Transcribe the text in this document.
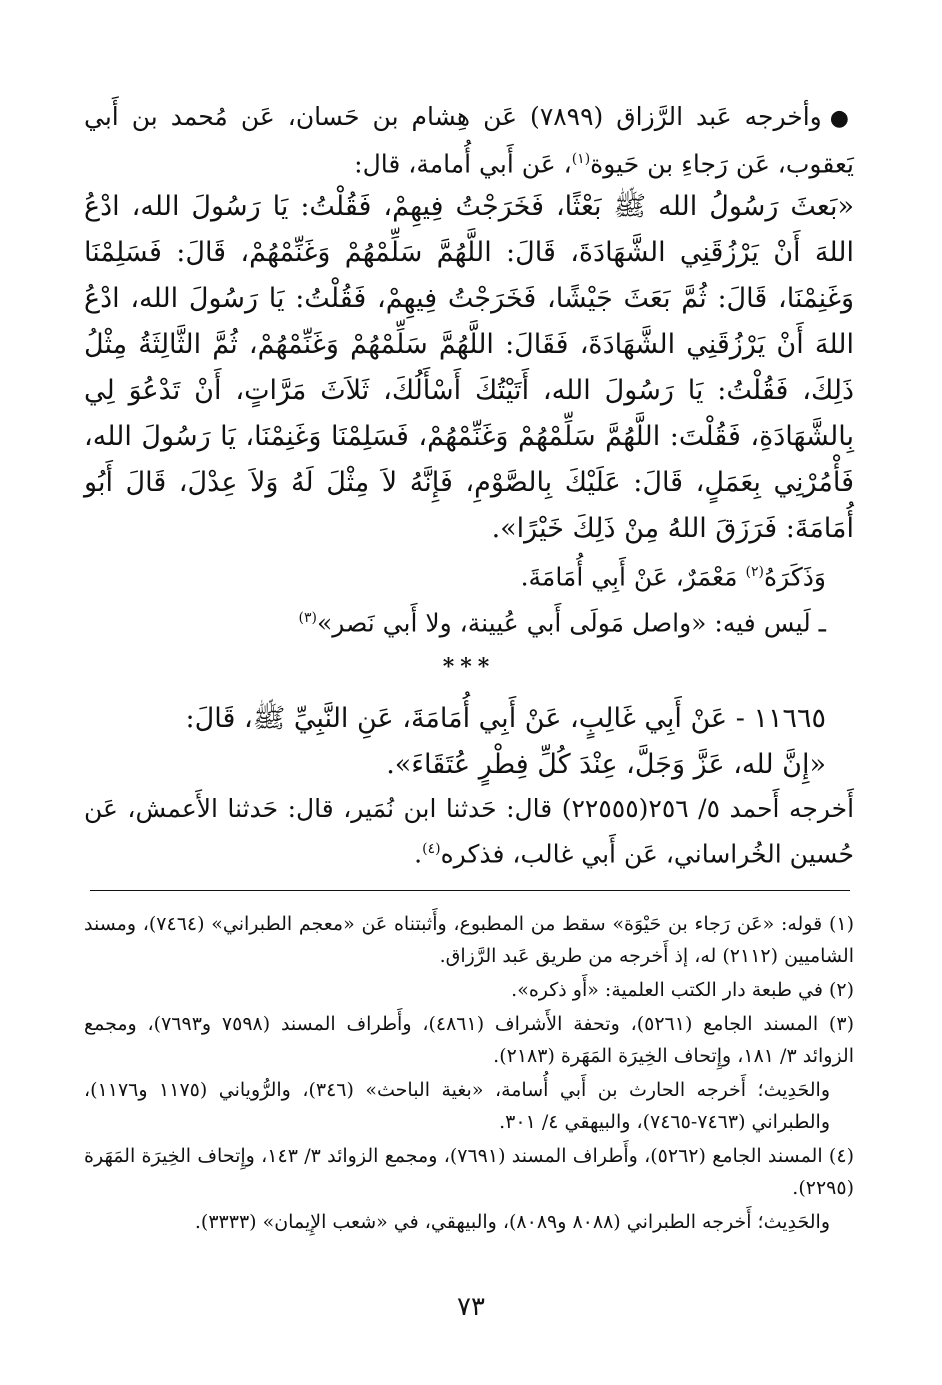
●وأخرجه عَبد الرَّزاق (٧٨٩٩) عَن هِشام بن حَسان، عَن مُحمد بن أَبي يَعقوب، عَن رَجاءِ بن حَيوة$^{(١)}$، عَن أَبي أُمامة، قال:

«بَعثَ رَسُولُ الله ﷺ بَعْثًا، فَخَرَجْتُ فِيهِمْ، فَقُلْتُ: يَا رَسُولَ الله، ادْعُ اللهَ أَنْ يَرْزُقَنِي الشَّهَادَةَ، قَالَ: اللَّهُمَّ سَلِّمْهُمْ وَغَنِّمْهُمْ، قَالَ: فَسَلِمْنَا وَغَنِمْنَا، قَالَ: ثُمَّ بَعَثَ جَيْشًا، فَخَرَجْتُ فِيهِمْ، فَقُلْتُ: يَا رَسُولَ الله، ادْعُ اللهَ أَنْ يَرْزُقَنِي الشَّهَادَةَ، فَقَالَ: اللَّهُمَّ سَلِّمْهُمْ وَغَنِّمْهُمْ، ثُمَّ الثَّالِثَةُ مِثْلُ ذَلِكَ، فَقُلْتُ: يَا رَسُولَ الله، أَتَيْتُكَ أَسْأَلُكَ، ثَلاَثَ مَرَّاتٍ، أَنْ تَدْعُوَ لِي بِالشَّهَادَةِ، فَقُلْتَ: اللَّهُمَّ سَلِّمْهُمْ وَغَنِّمْهُمْ، فَسَلِمْنَا وَغَنِمْنَا، يَا رَسُولَ الله، فَأْمُرْنِي بِعَمَلٍ، قَالَ: عَلَيْكَ بِالصَّوْمِ، فَإِنَّهُ لاَ مِثْلَ لَهُ وَلاَ عِدْلَ، قَالَ أَبُو أُمَامَةَ: فَرَزَقَ اللهُ مِنْ ذَلِكَ خَيْرًا».

وَذَكَرَهُ$^{(٢)}$ مَعْمَرٌ، عَنْ أَبِي أُمَامَةَ.

ـ لَيس فيه: «واصل مَولَى أَبي عُيينة، ولا أَبي نَصر»$^{(٣)}$

***

١١٦٦٥ - عَنْ أَبِي غَالِبٍ، عَنْ أَبِي أُمَامَةَ، عَنِ النَّبِيِّ ﷺ، قَالَ:

«إِنَّ لله، عَزَّ وَجَلَّ، عِنْدَ كُلِّ فِطْرٍ عُتَقَاءَ».

أَخرجه أَحمد ٥/ ٢٥٦(٢٢٥٥٥) قال: حَدثنا ابن نُمَير، قال: حَدثنا الأَعمش، عَن حُسين الخُراساني، عَن أَبي غالب، فذكره$^{(٤)}$.

(١) قوله: «عَن رَجاء بن حَيْوَة» سقط من المطبوع، وأَثبتناه عَن «معجم الطبراني» (٧٤٦٤)، ومسند الشاميين (٢١١٢) له، إذ أَخرجه من طريق عَبد الرَّزاق.

(٢) في طبعة دار الكتب العلمية: «أَو ذكره».

(٣) المسند الجامع (٥٢٦١)، وتحفة الأَشراف (٤٨٦١)، وأَطراف المسند (٧٥٩٨ و٧٦٩٣)، ومجمع الزوائد ٣/ ١٨١، وإِتحاف الخِيرَة المَهَرة (٢١٨٣).

والحَدِيث؛ أَخرجه الحارث بن أَبي أُسامة، «بغية الباحث» (٣٤٦)، والرُّوياني (١١٧٥ و١١٧٦)، والطبراني (٧٤٦٣-٧٤٦٥)، والبيهقي ٤/ ٣٠١.

(٤) المسند الجامع (٥٢٦٢)، وأَطراف المسند (٧٦٩١)، ومجمع الزوائد ٣/ ١٤٣، وإِتحاف الخِيرَة المَهَرة (٢٢٩٥).

والحَدِيث؛ أَخرجه الطبراني (٨٠٨٨ و٨٠٨٩)، والبيهقي، في «شعب الإِيمان» (٣٣٣٣).

٧٣
